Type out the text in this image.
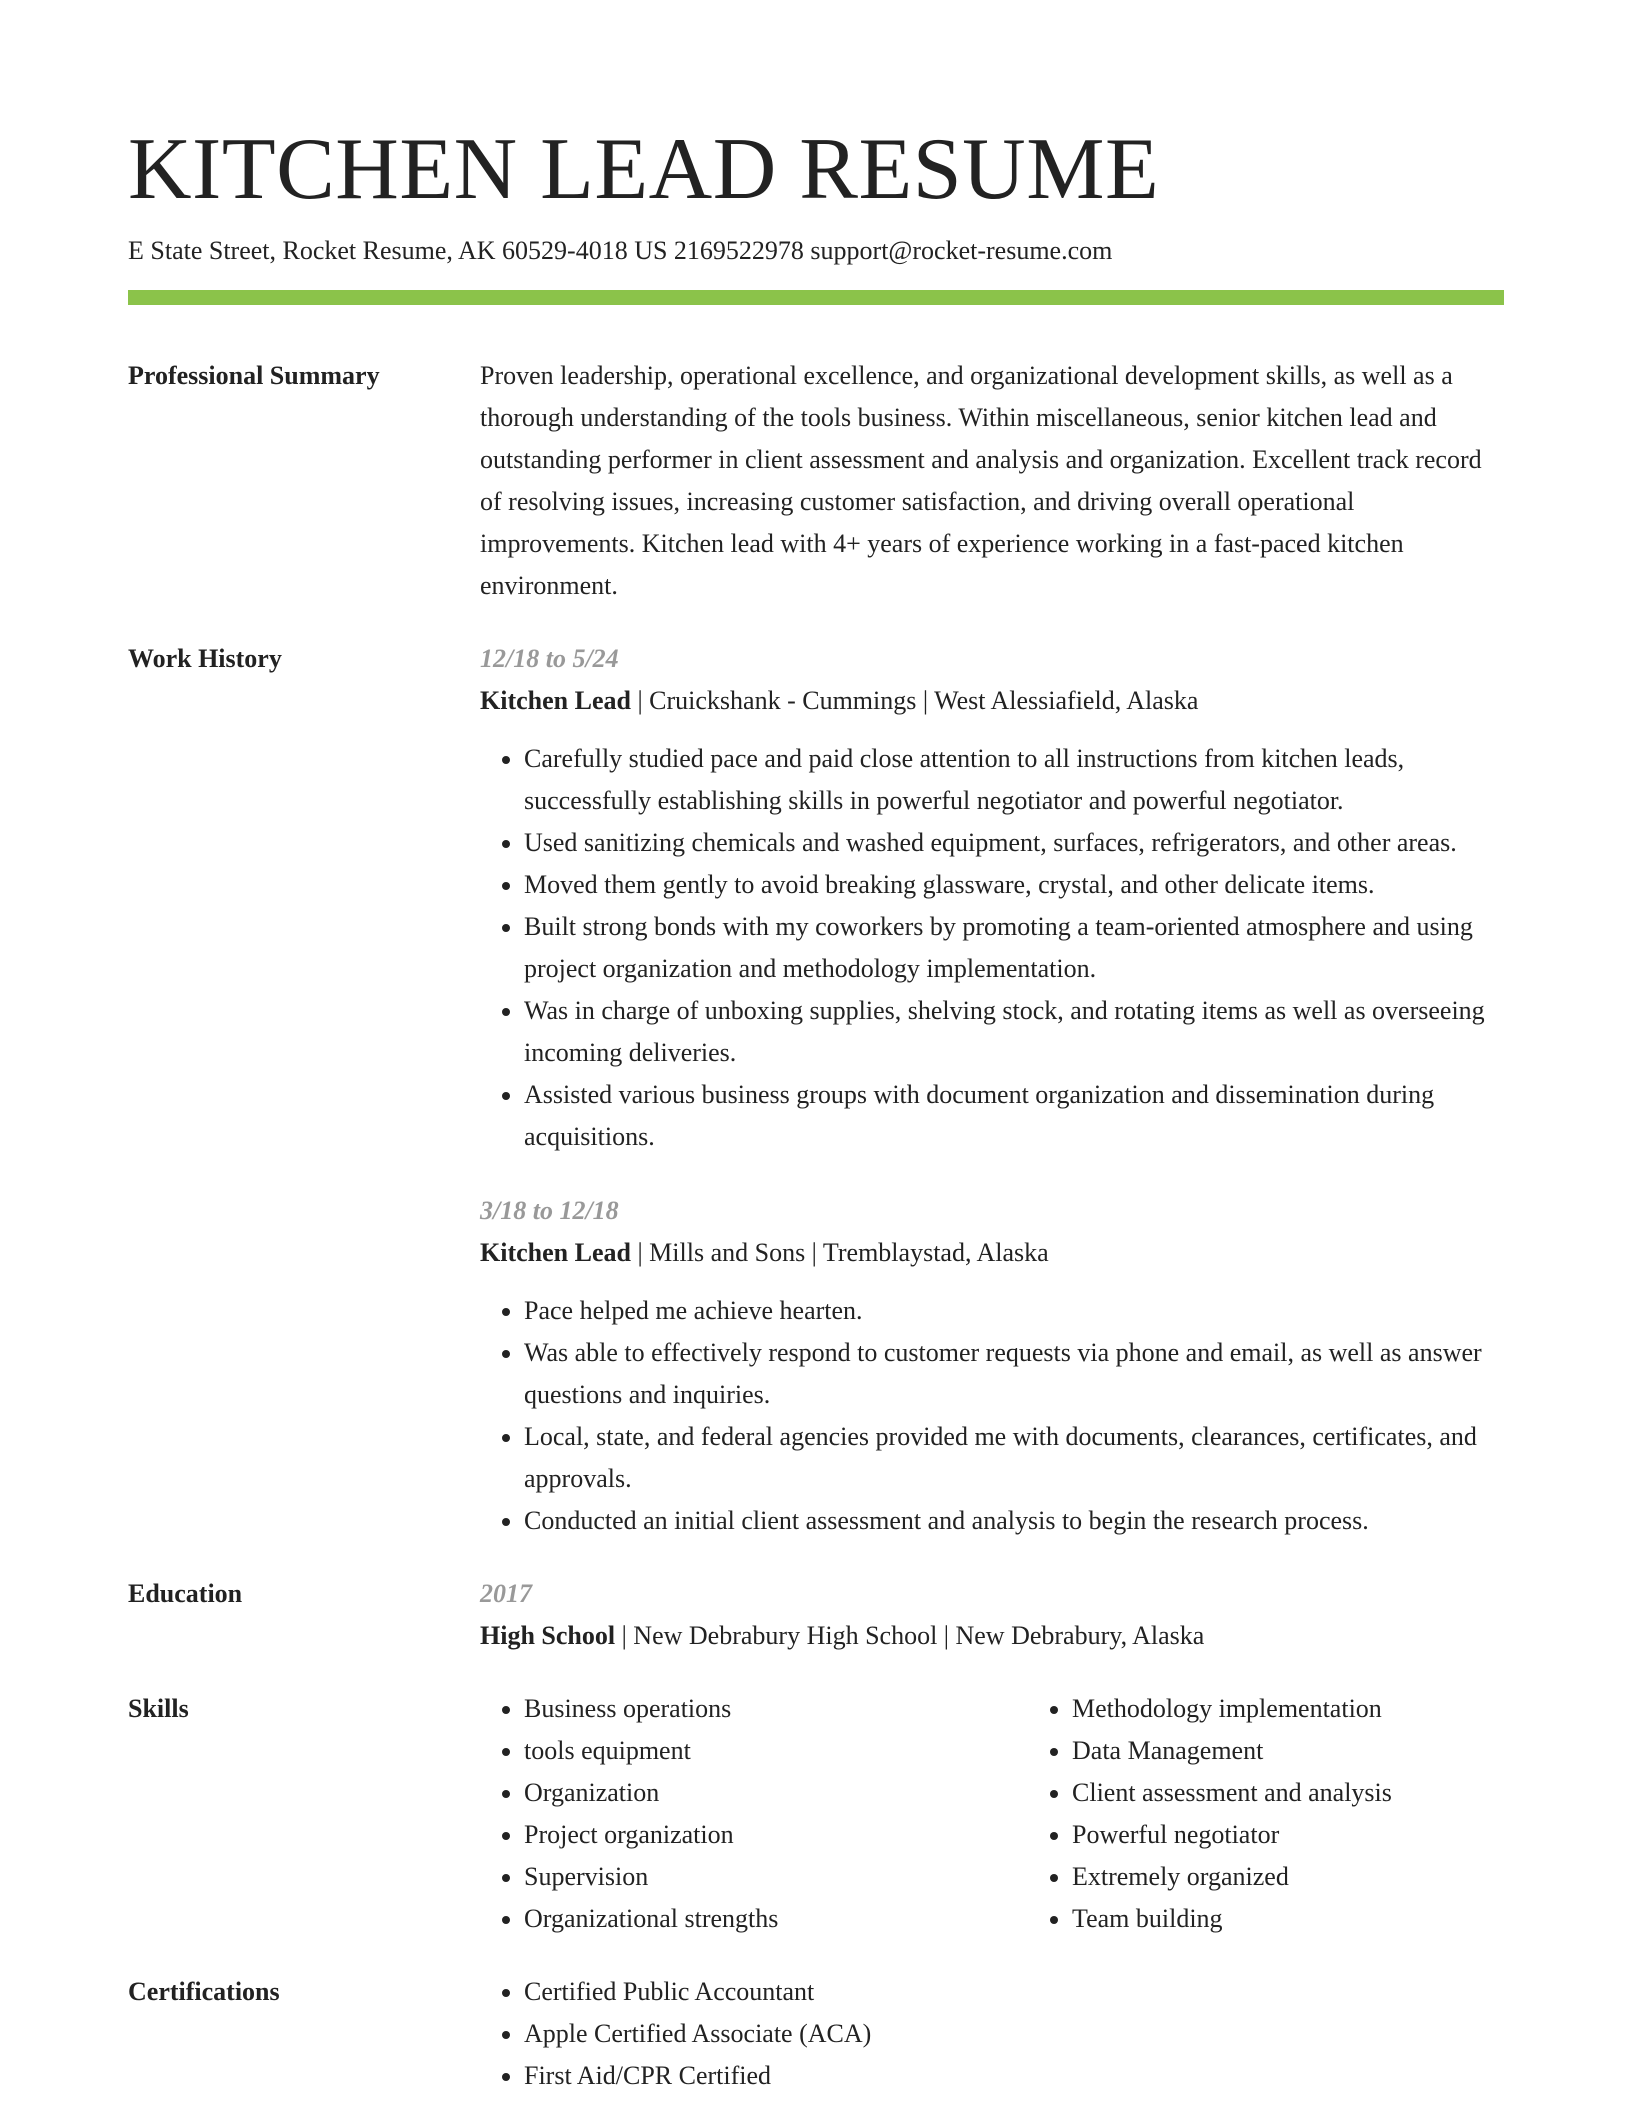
KITCHEN LEAD RESUME
E State Street, Rocket Resume, AK 60529-4018 US 2169522978 support@rocket-resume.com
Professional Summary	Proven leadership, operational excellence, and organizational development skills, as well as a thorough understanding of the tools business. Within miscellaneous, senior kitchen lead and outstanding performer in client assessment and analysis and organization. Excellent track record of resolving issues, increasing customer satisfaction, and driving overall operational improvements. Kitchen lead with 4+ years of experience working in a fast-paced kitchen environment.
Work History	12/18 to 5/24
Kitchen Lead | Cruickshank - Cummings | West Alessiafield, Alaska
• Carefully studied pace and paid close attention to all instructions from kitchen leads, successfully establishing skills in powerful negotiator and powerful negotiator.
• Used sanitizing chemicals and washed equipment, surfaces, refrigerators, and other areas.
• Moved them gently to avoid breaking glassware, crystal, and other delicate items.
• Built strong bonds with my coworkers by promoting a team-oriented atmosphere and using project organization and methodology implementation.
• Was in charge of unboxing supplies, shelving stock, and rotating items as well as overseeing incoming deliveries.
• Assisted various business groups with document organization and dissemination during acquisitions.
3/18 to 12/18
Kitchen Lead | Mills and Sons | Tremblaystad, Alaska
• Pace helped me achieve hearten.
• Was able to effectively respond to customer requests via phone and email, as well as answer questions and inquiries.
• Local, state, and federal agencies provided me with documents, clearances, certificates, and approvals.
• Conducted an initial client assessment and analysis to begin the research process.
Education	2017
High School | New Debrabury High School | New Debrabury, Alaska
Skills	• Business operations
• tools equipment
• Organization
• Project organization
• Supervision
• Organizational strengths
• Methodology implementation
• Data Management
• Client assessment and analysis
• Powerful negotiator
• Extremely organized
• Team building
Certifications	• Certified Public Accountant
• Apple Certified Associate (ACA)
• First Aid/CPR Certified
